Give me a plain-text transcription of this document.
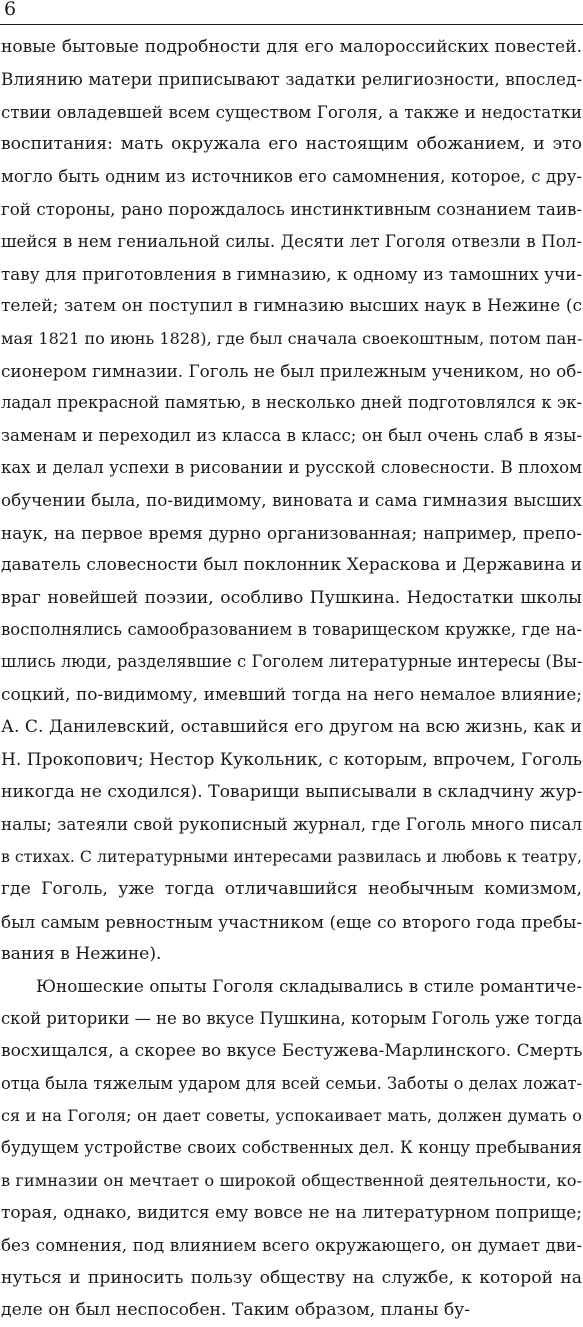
6
новые бытовые подробности для его малороссийских повестей.
Влиянию матери приписывают задатки религиозности, впослед-
ствии овладевшей всем существом Гоголя, а также и недостатки
воспитания: мать окружала его настоящим обожанием, и это
могло быть одним из источников его самомнения, которое, с дру-
гой стороны, рано порождалось инстинктивным сознанием таив-
шейся в нем гениальной силы. Десяти лет Гоголя отвезли в Пол-
таву для приготовления в гимназию, к одному из тамошних учи-
телей; затем он поступил в гимназию высших наук в Нежине (с
мая 1821 по июнь 1828), где был сначала своекоштным, потом пан-
сионером гимназии. Гоголь не был прилежным учеником, но об-
ладал прекрасной памятью, в несколько дней подготовлялся к эк-
заменам и переходил из класса в класс; он был очень слаб в язы-
ках и делал успехи в рисовании и русской словесности. В плохом
обучении была, по-видимому, виновата и сама гимназия высших
наук, на первое время дурно организованная; например, препо-
даватель словесности был поклонник Хераскова и Державина и
враг новейшей поэзии, особливо Пушкина. Недостатки школы
восполнялись самообразованием в товарищеском кружке, где на-
шлись люди, разделявшие с Гоголем литературные интересы (Вы-
соцкий, по-видимому, имевший тогда на него немалое влияние;
А. С. Данилевский, оставшийся его другом на всю жизнь, как и
Н. Прокопович; Нестор Кукольник, с которым, впрочем, Гоголь
никогда не сходился). Товарищи выписывали в складчину жур-
налы; затеяли свой рукописный журнал, где Гоголь много писал
в стихах. С литературными интересами развилась и любовь к театру,
где Гоголь, уже тогда отличавшийся необычным комизмом,
был самым ревностным участником (еще со второго года пребы-
вания в Нежине).
Юношеские опыты Гоголя складывались в стиле романтиче-
ской риторики — не во вкусе Пушкина, которым Гоголь уже тогда
восхищался, а скорее во вкусе Бестужева-Марлинского. Смерть
отца была тяжелым ударом для всей семьи. Заботы о делах ложат-
ся и на Гоголя; он дает советы, успокаивает мать, должен думать о
будущем устройстве своих собственных дел. К концу пребывания
в гимназии он мечтает о широкой общественной деятельности, ко-
торая, однако, видится ему вовсе не на литературном поприще;
без сомнения, под влиянием всего окружающего, он думает дви-
нуться и приносить пользу обществу на службе, к которой на
деле он был неспособен. Таким образом, планы бу-
